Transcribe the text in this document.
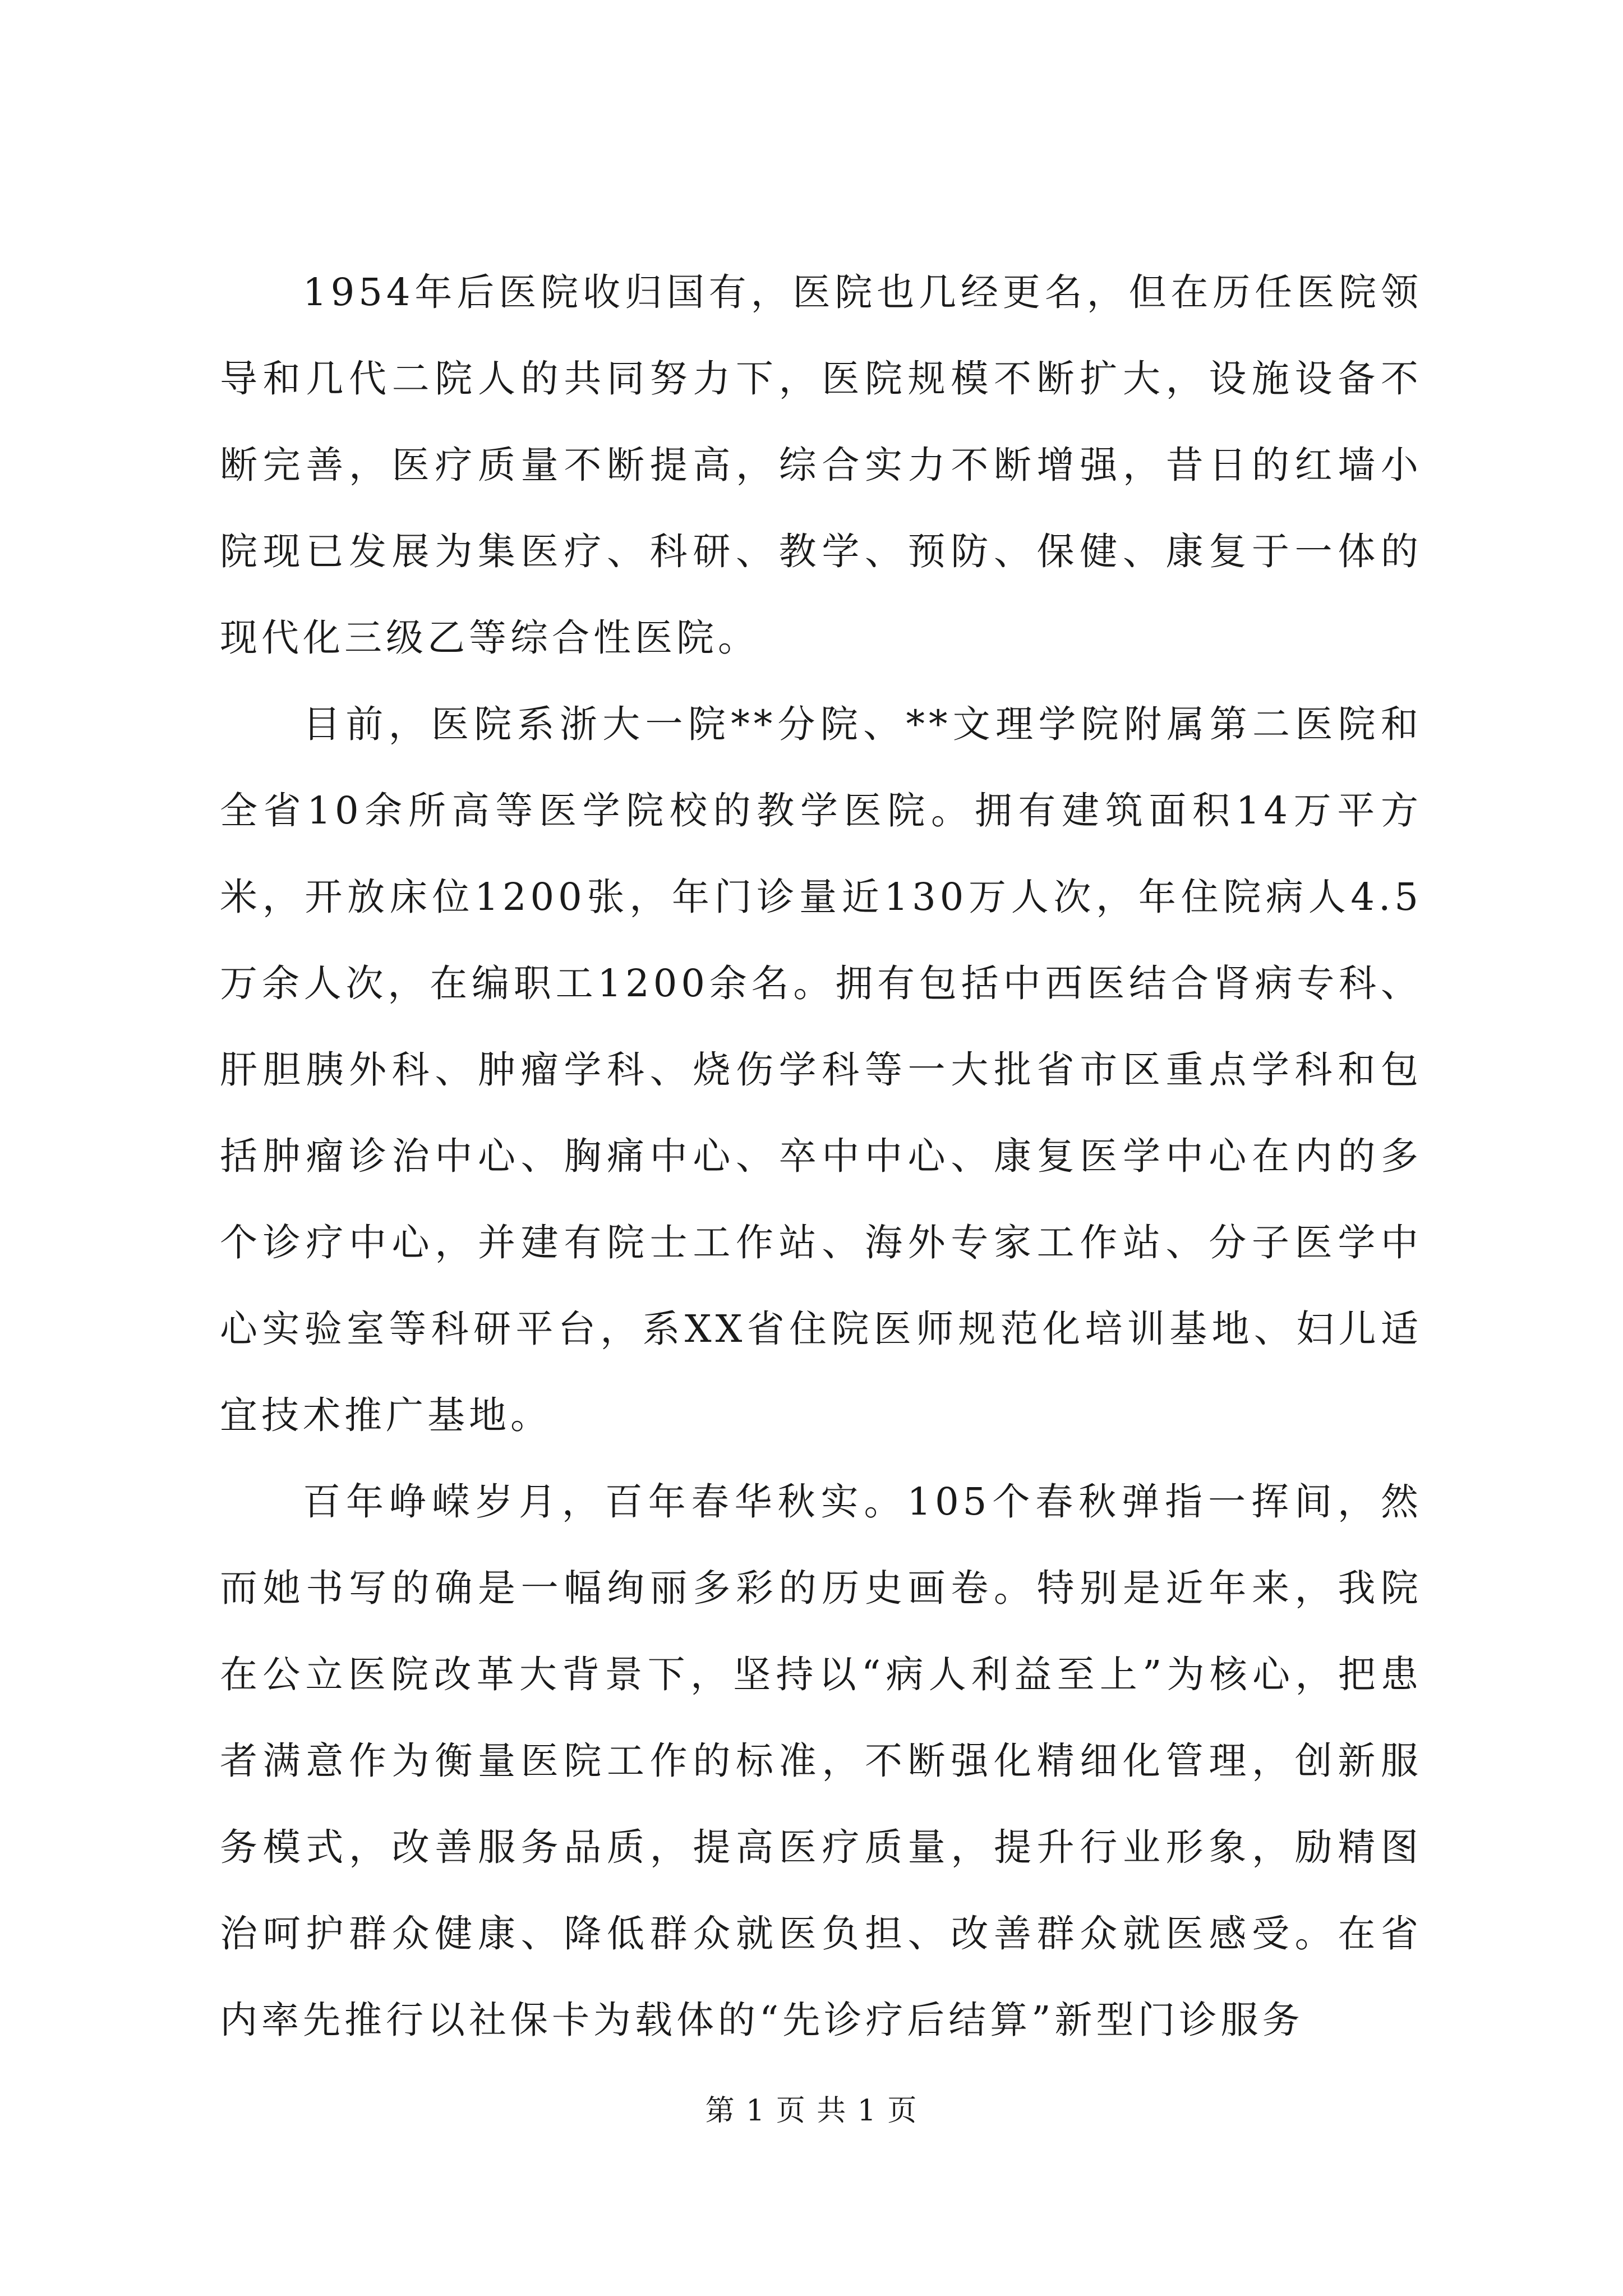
1954年后医院收归国有，医院也几经更名，但在历任医院领导和几代二院人的共同努力下，医院规模不断扩大，设施设备不断完善，医疗质量不断提高，综合实力不断增强，昔日的红墙小院现已发展为集医疗、科研、教学、预防、保健、康复于一体的现代化三级乙等综合性医院。

目前，医院系浙大一院**分院、**文理学院附属第二医院和全省10余所高等医学院校的教学医院。拥有建筑面积14万平方米，开放床位1200张，年门诊量近130万人次，年住院病人4.5万余人次，在编职工1200余名。拥有包括中西医结合肾病专科、肝胆胰外科、肿瘤学科、烧伤学科等一大批省市区重点学科和包括肿瘤诊治中心、胸痛中心、卒中中心、康复医学中心在内的多个诊疗中心，并建有院士工作站、海外专家工作站、分子医学中心实验室等科研平台，系XX省住院医师规范化培训基地、妇儿适宜技术推广基地。

百年峥嵘岁月，百年春华秋实。105个春秋弹指一挥间，然而她书写的确是一幅绚丽多彩的历史画卷。特别是近年来，我院在公立医院改革大背景下，坚持以“病人利益至上”为核心，把患者满意作为衡量医院工作的标准，不断强化精细化管理，创新服务模式，改善服务品质，提高医疗质量，提升行业形象，励精图治呵护群众健康、降低群众就医负担、改善群众就医感受。在省内率先推行以社保卡为载体的“先诊疗后结算”新型门诊服务

第 1 页 共 1 页
